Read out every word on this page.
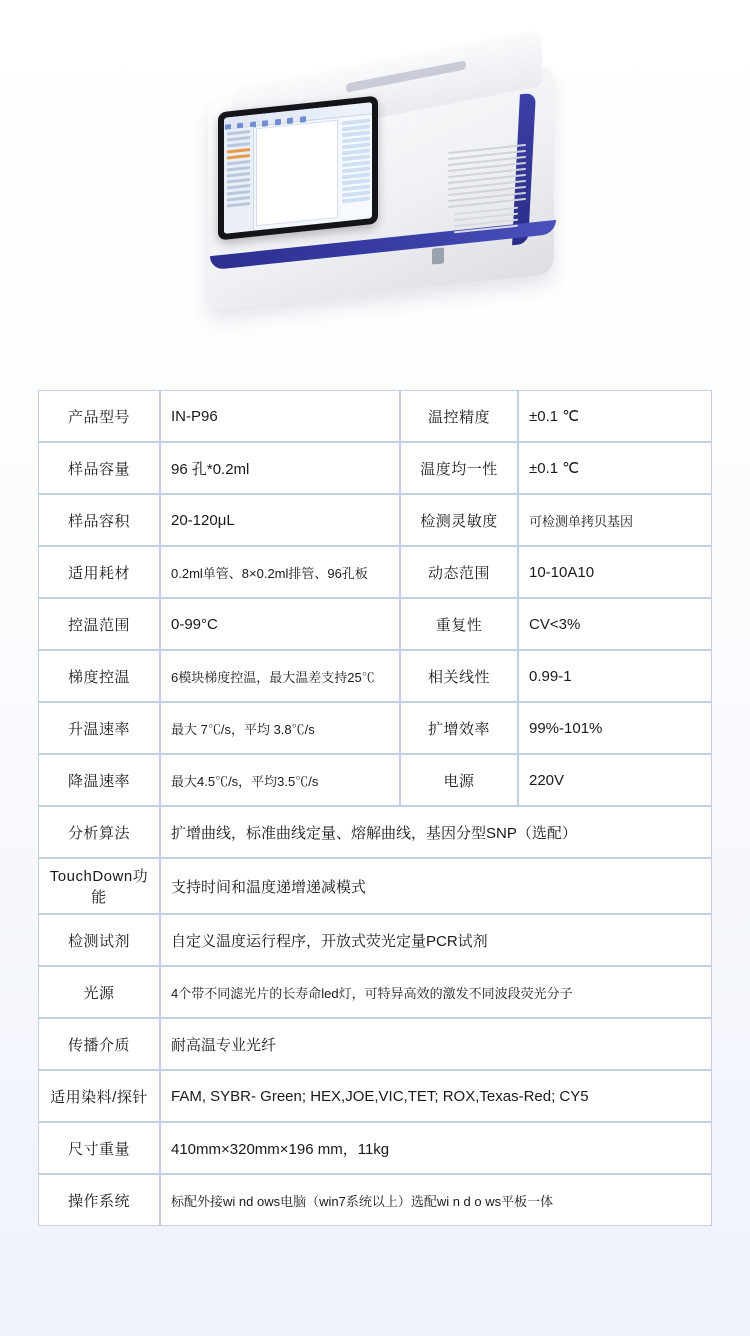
产品型号	IN-P96	温控精度	±0.1 ℃
样品容量	96 孔*0.2ml	温度均一性	±0.1 ℃
样品容积	20-120μL	检测灵敏度	可检测单拷贝基因
适用耗材	0.2ml单管、8×0.2ml排管、96孔板	动态范围	10-10A10
控温范围	0-99°C	重复性	CV<3%
梯度控温	6模块梯度控温，最大温差支持25℃	相关线性	0.99-1
升温速率	最大 7℃/s，平均 3.8℃/s	扩增效率	99%-101%
降温速率	最大4.5℃/s，平均3.5℃/s	电源	220V
分析算法	扩增曲线，标准曲线定量、熔解曲线，基因分型SNP（选配）		
TouchDown功能	支持时间和温度递增递减模式		
检测试剂	自定义温度运行程序，开放式荧光定量PCR试剂		
光源	4个带不同滤光片的长寿命led灯，可特异高效的激发不同波段荧光分子		
传播介质	耐高温专业光纤		
适用染料/探针	FAM, SYBR- Green; HEX,JOE,VIC,TET; ROX,Texas-Red; CY5		
尺寸重量	410mm×320mm×196 mm，11kg		
操作系统	标配外接wi nd ows电脑（win7系统以上）选配wi n d o ws平板一体		
